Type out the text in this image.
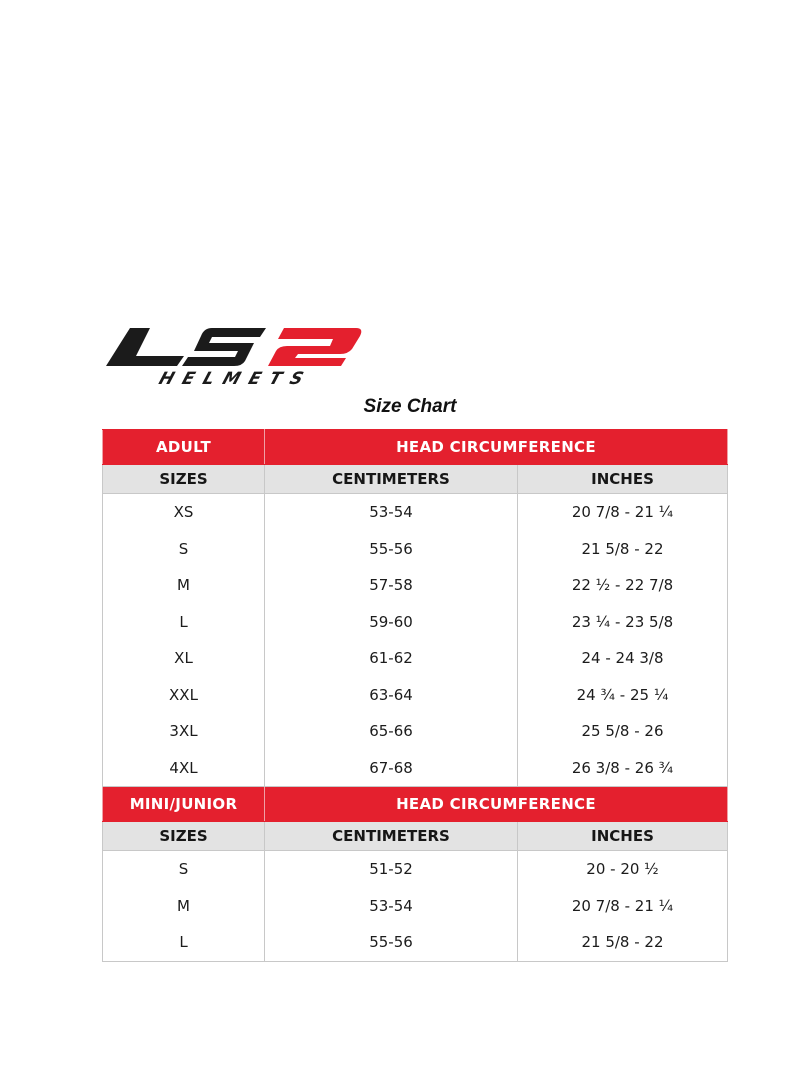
HELMETS
Size Chart
ADULT	HEAD CIRCUMFERENCE	
SIZES	CENTIMETERS	INCHES
XS	53-54	20 7/8 - 21 ¼
S	55-56	21 5/8 - 22
M	57-58	22 ½ - 22 7/8
L	59-60	23 ¼ - 23 5/8
XL	61-62	24 - 24 3/8
XXL	63-64	24 ¾ - 25 ¼
3XL	65-66	25 5/8 - 26
4XL	67-68	26 3/8 - 26 ¾
MINI/JUNIOR	HEAD CIRCUMFERENCE	
SIZES	CENTIMETERS	INCHES
S	51-52	20 - 20 ½
M	53-54	20 7/8 - 21 ¼
L	55-56	21 5/8 - 22
